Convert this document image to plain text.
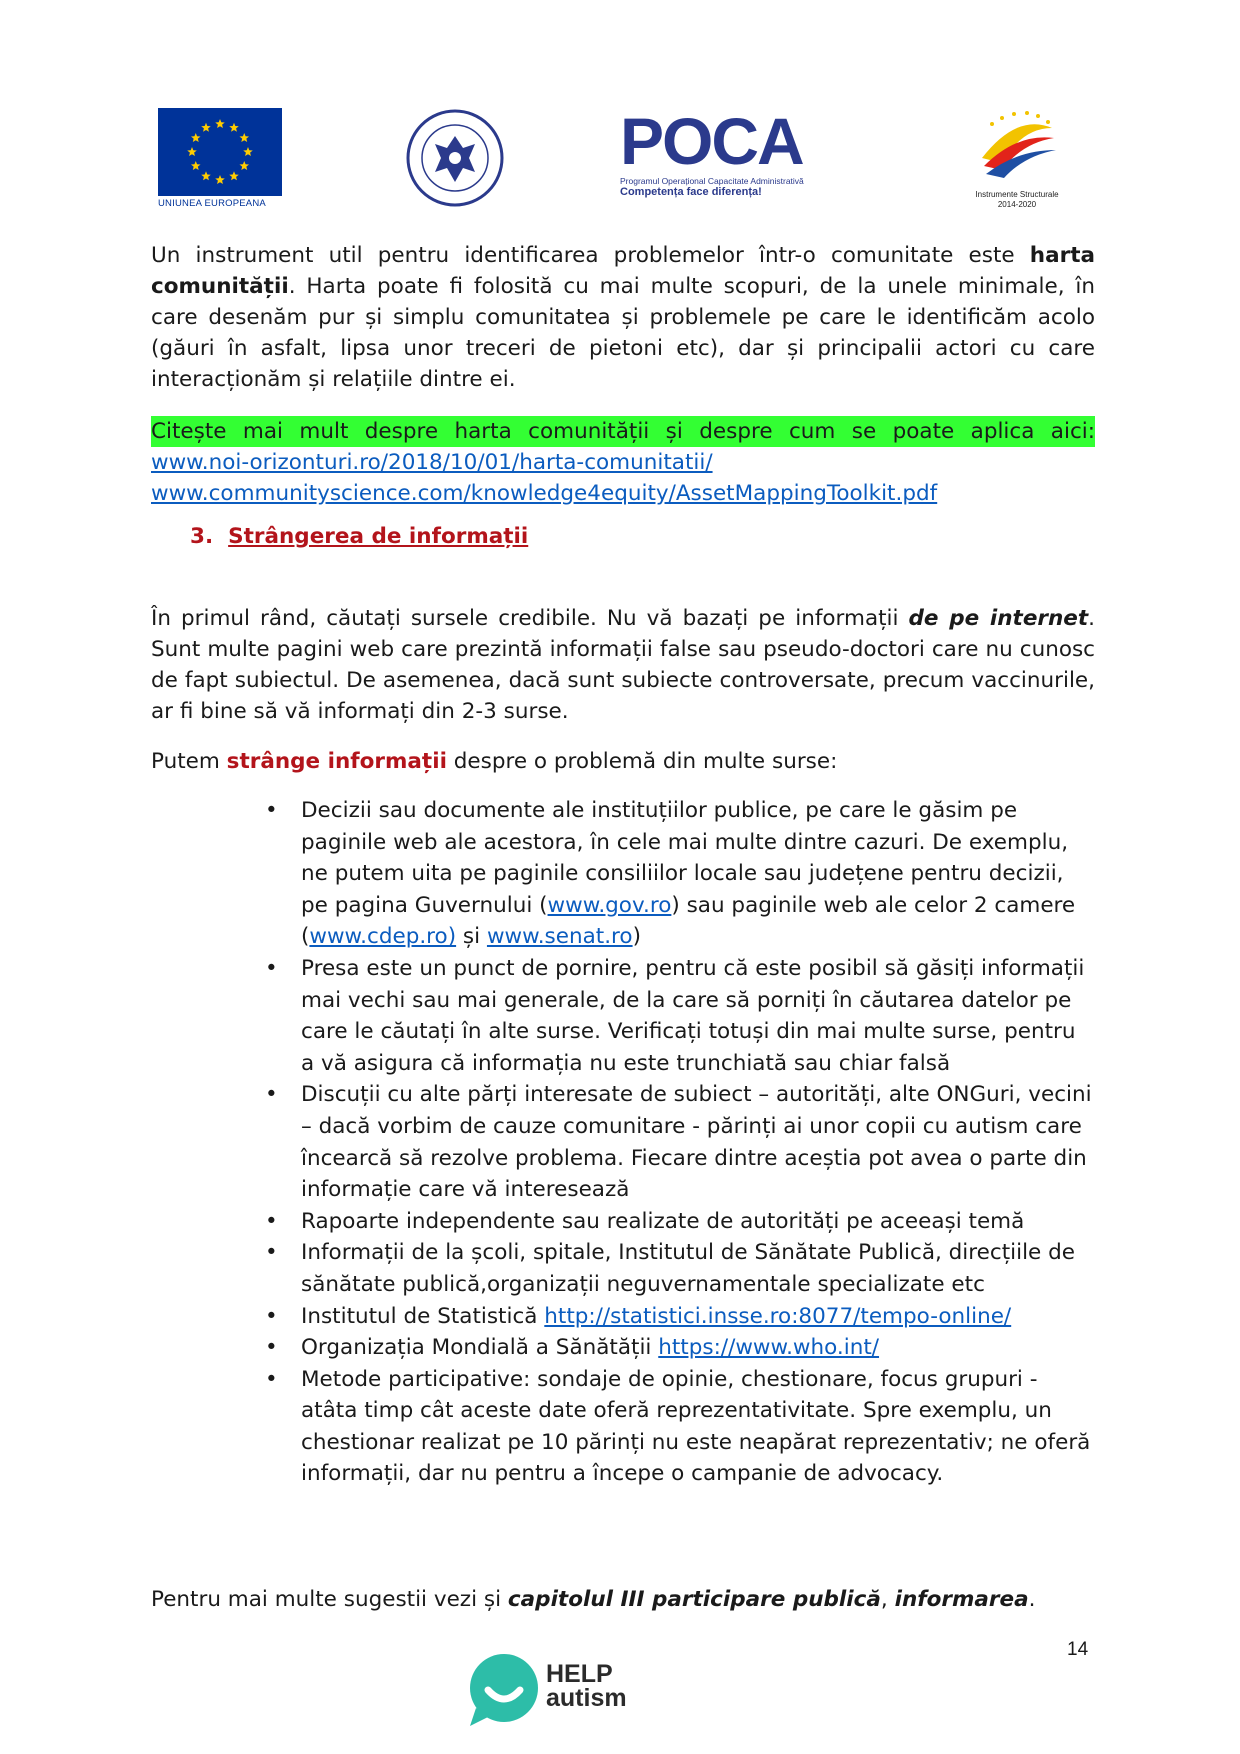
UNIUNEA EUROPEANA
POCA
Programul Operațional Capacitate Administrativă
Competența face diferența!	Instrumente Structurale
2014-2020

Un instrument util pentru identificarea problemelor într-o comunitate este harta comunității. Harta poate fi folosită cu mai multe scopuri, de la unele minimale, în care desenăm pur și simplu comunitatea și problemele pe care le identificăm acolo (găuri în asfalt, lipsa unor treceri de pietoni etc), dar și principalii actori cu care interacționăm și relațiile dintre ei.

Citește mai mult despre harta comunității și despre cum se poate aplica aici:
www.noi-orizonturi.ro/2018/10/01/harta-comunitatii/
www.communityscience.com/knowledge4equity/AssetMappingToolkit.pdf
3. Strângerea de informații

În primul rând, căutați sursele credibile. Nu vă bazați pe informații de pe internet. Sunt multe pagini web care prezintă informații false sau pseudo-doctori care nu cunosc de fapt subiectul. De asemenea, dacă sunt subiecte controversate, precum vaccinurile, ar fi bine să vă informați din 2-3 surse.

Putem strânge informații despre o problemă din multe surse:

• Decizii sau documente ale instituțiilor publice, pe care le găsim pe paginile web ale acestora, în cele mai multe dintre cazuri. De exemplu, ne putem uita pe paginile consiliilor locale sau județene pentru decizii, pe pagina Guvernului (www.gov.ro) sau paginile web ale celor 2 camere (www.cdep.ro) și www.senat.ro)
• Presa este un punct de pornire, pentru că este posibil să găsiți informații mai vechi sau mai generale, de la care să porniți în căutarea datelor pe care le căutați în alte surse. Verificați totuși din mai multe surse, pentru a vă asigura că informația nu este trunchiată sau chiar falsă
• Discuții cu alte părți interesate de subiect – autorități, alte ONGuri, vecini – dacă vorbim de cauze comunitare - părinți ai unor copii cu autism care încearcă să rezolve problema. Fiecare dintre aceștia pot avea o parte din informație care vă interesează
• Rapoarte independente sau realizate de autorități pe aceeași temă
• Informații de la școli, spitale, Institutul de Sănătate Publică, direcțiile de sănătate publică,organizații neguvernamentale specializate etc
• Institutul de Statistică http://statistici.insse.ro:8077/tempo-online/
• Organizația Mondială a Sănătății https://www.who.int/
• Metode participative: sondaje de opinie, chestionare, focus grupuri - atâta timp cât aceste date oferă reprezentativitate. Spre exemplu, un chestionar realizat pe 10 părinți nu este neapărat reprezentativ; ne oferă informații, dar nu pentru a începe o campanie de advocacy.

Pentru mai multe sugestii vezi și capitolul III participare publică, informarea.

14
HELP
autism
